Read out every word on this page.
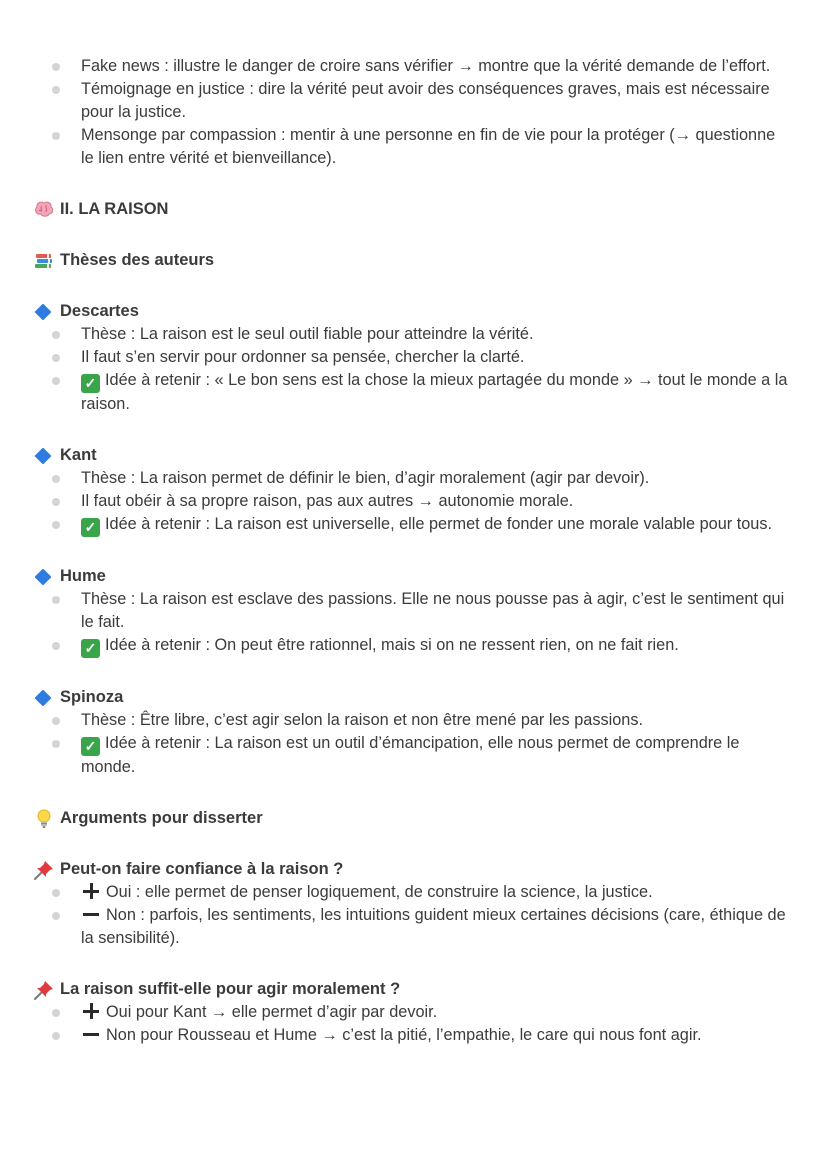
Fake news : illustre le danger de croire sans vérifier → montre que la vérité demande de l’effort.
Témoignage en justice : dire la vérité peut avoir des conséquences graves, mais est nécessaire pour la justice.
Mensonge par compassion : mentir à une personne en fin de vie pour la protéger (→ questionne le lien entre vérité et bienveillance).
II. LA RAISON
Thèses des auteurs
Descartes
Thèse : La raison est le seul outil fiable pour atteindre la vérité.
Il faut s’en servir pour ordonner sa pensée, chercher la clarté.
✓ Idée à retenir : « Le bon sens est la chose la mieux partagée du monde » → tout le monde a la raison.
Kant
Thèse : La raison permet de définir le bien, d’agir moralement (agir par devoir).
Il faut obéir à sa propre raison, pas aux autres → autonomie morale.
✓ Idée à retenir : La raison est universelle, elle permet de fonder une morale valable pour tous.
Hume
Thèse : La raison est esclave des passions. Elle ne nous pousse pas à agir, c’est le sentiment qui le fait.
✓ Idée à retenir : On peut être rationnel, mais si on ne ressent rien, on ne fait rien.
Spinoza
Thèse : Être libre, c’est agir selon la raison et non être mené par les passions.
✓ Idée à retenir : La raison est un outil d’émancipation, elle nous permet de comprendre le monde.
Arguments pour disserter
Peut-on faire confiance à la raison ?
Oui : elle permet de penser logiquement, de construire la science, la justice.
Non : parfois, les sentiments, les intuitions guident mieux certaines décisions (care, éthique de la sensibilité).
La raison suffit-elle pour agir moralement ?
Oui pour Kant → elle permet d’agir par devoir.
Non pour Rousseau et Hume → c’est la pitié, l’empathie, le care qui nous font agir.
